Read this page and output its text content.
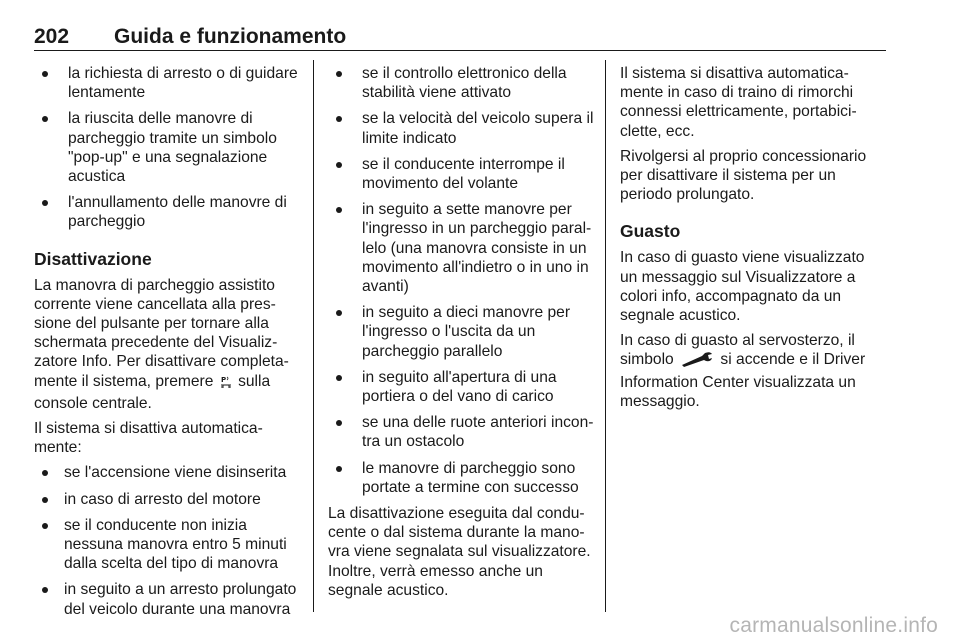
202 Guida e funzionamento
la richiesta di arresto o di guidare lentamente
la riuscita delle manovre di parcheggio tramite un simbolo "pop-up" e una segnalazione acustica
l'annullamento delle manovre di parcheggio
Disattivazione

La manovra di parcheggio assistito corrente viene cancellata alla pressione del pulsante per tornare alla schermata precedente del Visualizzatore Info. Per disattivare completamente il sistema, premere P sulla console centrale.

Il sistema si disattiva automaticamente:

se l'accensione viene disinserita
in caso di arresto del motore
se il conducente non inizia nessuna manovra entro 5 minuti dalla scelta del tipo di manovra
in seguito a un arresto prolungato del veicolo durante una manovra
se il controllo elettronico della stabilità viene attivato
se la velocità del veicolo supera il limite indicato
se il conducente interrompe il movimento del volante
in seguito a sette manovre per l'ingresso in un parcheggio parallelo (una manovra consiste in un movimento all'indietro o in uno in avanti)
in seguito a dieci manovre per l'ingresso o l'uscita da un parcheggio parallelo
in seguito all'apertura di una portiera o del vano di carico
se una delle ruote anteriori incontra un ostacolo
le manovre di parcheggio sono portate a termine con successo

La disattivazione eseguita dal conducente o dal sistema durante la manovra viene segnalata sul visualizzatore. Inoltre, verrà emesso anche un segnale acustico.

Il sistema si disattiva automaticamente in caso di traino di rimorchi connessi elettricamente, portabiciclette, ecc.

Rivolgersi al proprio concessionario per disattivare il sistema per un periodo prolungato.

Guasto

In caso di guasto viene visualizzato un messaggio sul Visualizzatore a colori info, accompagnato da un segnale acustico.

In caso di guasto al servosterzo, il simbolo	si accende e il Driver Information Center visualizzata un messaggio.

carmanualsonline.info
